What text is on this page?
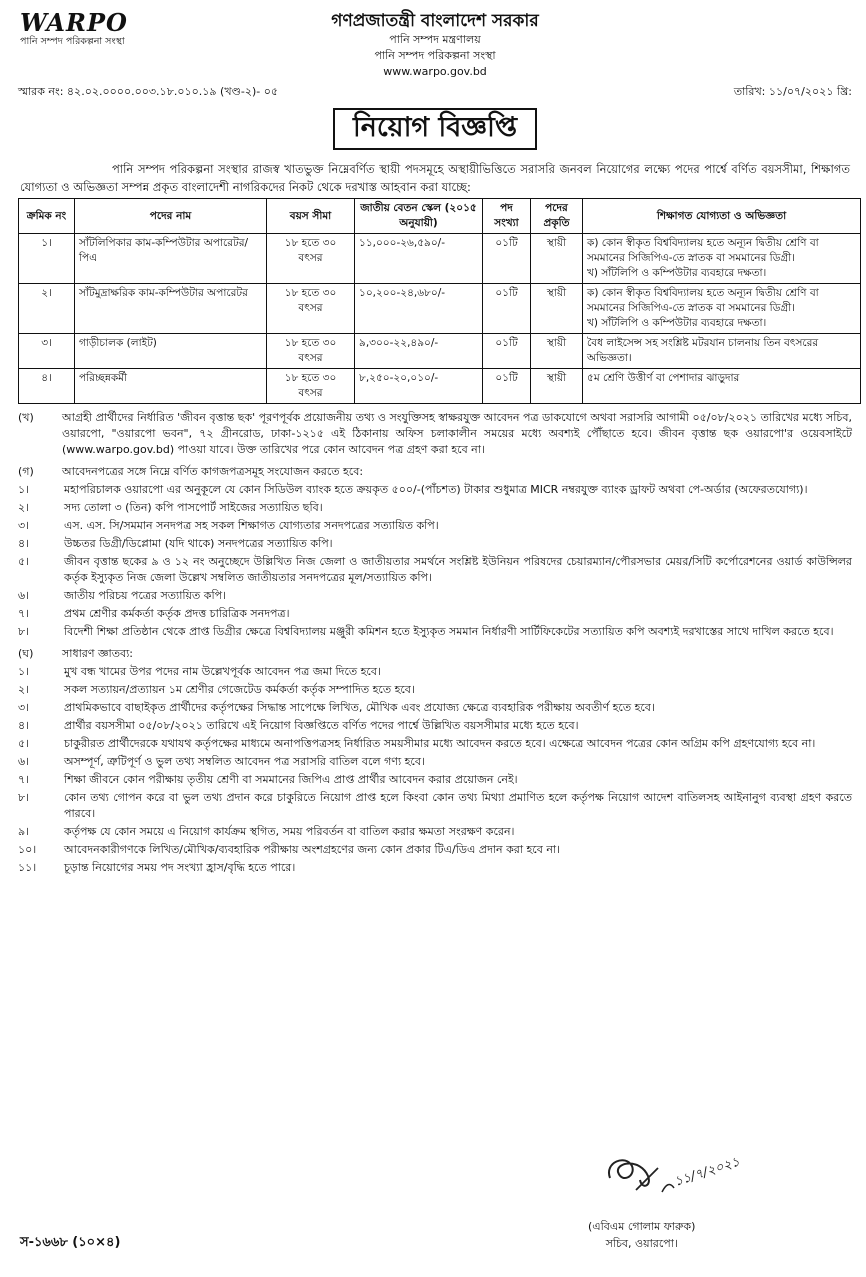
WARPO
পানি সম্পদ পরিকল্পনা সংস্থা
গণপ্রজাতন্ত্রী বাংলাদেশ সরকার
পানি সম্পদ মন্ত্রণালয়
পানি সম্পদ পরিকল্পনা সংস্থা
www.warpo.gov.bd
স্মারক নং: ৪২.০২.০০০০.০০৩.১৮.০১০.১৯ (খণ্ড-২)- ০৫	তারিখ: ১১/০৭/২০২১ খ্রি:
নিয়োগ বিজ্ঞপ্তি

পানি সম্পদ পরিকল্পনা সংস্থার রাজস্ব খাতভুক্ত নিম্নেবর্ণিত স্থায়ী পদসমূহে অস্থায়ীভিত্তিতে সরাসরি জনবল নিয়োগের লক্ষ্যে পদের পার্শ্বে বর্ণিত বয়সসীমা, শিক্ষাগত যোগ্যতা ও অভিজ্ঞতা সম্পন্ন প্রকৃত বাংলাদেশী নাগরিকদের নিকট থেকে দরখাস্ত আহবান করা যাচ্ছে:

ক্রমিক নং	পদের নাম	বয়স সীমা	জাতীয় বেতন স্কেল (২০১৫ অনুযায়ী)	পদ সংখ্যা	পদের প্রকৃতি	শিক্ষাগত যোগ্যতা ও অভিজ্ঞতা
১।	সাঁটলিপিকার কাম-কম্পিউটার অপারেটর/পিএ	১৮ হতে ৩০ বৎসর	১১,০০০-২৬,৫৯০/-	০১টি	স্থায়ী	ক) কোন স্বীকৃত বিশ্ববিদ্যালয় হতে অন্যূন দ্বিতীয় শ্রেণি বা সমমানের সিজিপিএ-তে স্নাতক বা সমমানের ডিগ্রী।
খ) সাঁটলিপি ও কম্পিউটার ব্যবহারে দক্ষতা।

২।	সাঁটমুদ্রাক্ষরিক কাম-কম্পিউটার অপারেটর	১৮ হতে ৩০ বৎসর	১০,২০০-২৪,৬৮০/-	০১টি	স্থায়ী	ক) কোন স্বীকৃত বিশ্ববিদ্যালয় হতে অন্যূন দ্বিতীয় শ্রেণি বা সমমানের সিজিপিএ-তে স্নাতক বা সমমানের ডিগ্রী।
খ) সাঁটলিপি ও কম্পিউটার ব্যবহারে দক্ষতা।

৩।	গাড়ীচালক (লাইট)	১৮ হতে ৩০ বৎসর	৯,৩০০-২২,৪৯০/-	০১টি	স্থায়ী	বৈধ লাইসেন্স সহ সংশ্লিষ্ট মটরযান চালনায় তিন বৎসরের অভিজ্ঞতা।

৪।	পরিচ্ছন্নকর্মী	১৮ হতে ৩০ বৎসর	৮,২৫০-২০,০১০/-	০১টি	স্থায়ী	৫ম শ্রেণি উত্তীর্ণ বা পেশাদার ঝাড়ুদার
(খ)	আগ্রহী প্রার্থীদের নির্ধারিত 'জীবন বৃত্তান্ত ছক' পূরণপূর্বক প্রয়োজনীয় তথ্য ও সংযুক্তিসহ স্বাক্ষরযুক্ত আবেদন পত্র ডাকযোগে অথবা সরাসরি আগামী ০৫/০৮/২০২১ তারিখের মধ্যে সচিব, ওয়ারপো, "ওয়ারপো ভবন", ৭২ গ্রীনরোড, ঢাকা-১২১৫ এই ঠিকানায় অফিস চলাকালীন সময়ের মধ্যে অবশ্যই পৌঁছাতে হবে। জীবন বৃত্তান্ত ছক ওয়ারপো'র ওয়েবসাইটে (www.warpo.gov.bd) পাওয়া যাবে। উক্ত তারিখের পরে কোন আবেদন পত্র গ্রহণ করা হবে না।
(গ)	আবেদনপত্রের সঙ্গে নিম্নে বর্ণিত কাগজপত্রসমূহ সংযোজন করতে হবে:
১।	মহাপরিচালক ওয়ারপো এর অনুকূলে যে কোন সিডিউল ব্যাংক হতে ক্রয়কৃত ৫০০/-(পাঁচশত) টাকার শুধুমাত্র MICR নম্বরযুক্ত ব্যাংক ড্রাফট অথবা পে-অর্ডার (অফেরতযোগ্য)।
২।	সদ্য তোলা ৩ (তিন) কপি পাসপোর্ট সাইজের সত্যায়িত ছবি।
৩।	এস. এস. সি/সমমান সনদপত্র সহ সকল শিক্ষাগত যোগ্যতার সনদপত্রের সত্যায়িত কপি।
৪।	উচ্চতর ডিগ্রী/ডিপ্লোমা (যদি থাকে) সনদপত্রের সত্যায়িত কপি।
৫।	জীবন বৃত্তান্ত ছকের ৯ ও ১২ নং অনুচ্ছেদে উল্লিখিত নিজ জেলা ও জাতীয়তার সমর্থনে সংশ্লিষ্ট ইউনিয়ন পরিষদের চেয়ারম্যান/পৌরসভার মেয়র/সিটি কর্পোরেশনের ওয়ার্ড কাউন্সিলর কর্তৃক ইস্যুকৃত নিজ জেলা উল্লেখ সম্বলিত জাতীয়তার সনদপত্রের মূল/সত্যায়িত কপি।
৬।	জাতীয় পরিচয় পত্রের সত্যায়িত কপি।
৭।	প্রথম শ্রেণীর কর্মকর্তা কর্তৃক প্রদত্ত চারিত্রিক সনদপত্র।
৮।	বিদেশী শিক্ষা প্রতিষ্ঠান থেকে প্রাপ্ত ডিগ্রীর ক্ষেত্রে বিশ্ববিদ্যালয় মঞ্জুরী কমিশন হতে ইস্যুকৃত সমমান নির্ধারণী সার্টিফিকেটের সত্যায়িত কপি অবশ্যই দরখাস্তের সাথে দাখিল করতে হবে।
(ঘ)	সাধারণ জ্ঞাতব্য:
১।	মুখ বন্ধ খামের উপর পদের নাম উল্লেখপূর্বক আবেদন পত্র জমা দিতে হবে।
২।	সকল সত্যায়ন/প্রত্যায়ন ১ম শ্রেণীর গেজেটেড কর্মকর্তা কর্তৃক সম্পাদিত হতে হবে।
৩।	প্রাথমিকভাবে বাছাইকৃত প্রার্থীদের কর্তৃপক্ষের সিদ্ধান্ত সাপেক্ষে লিখিত, মৌখিক এবং প্রযোজ্য ক্ষেত্রে ব্যবহারিক পরীক্ষায় অবতীর্ণ হতে হবে।
৪।	প্রার্থীর বয়সসীমা ০৫/০৮/২০২১ তারিখে এই নিয়োগ বিজ্ঞপ্তিতে বর্ণিত পদের পার্শ্বে উল্লিখিত বয়সসীমার মধ্যে হতে হবে।
৫।	চাকুরীরত প্রার্থীদেরকে যথাযথ কর্তৃপক্ষের মাধ্যমে অনাপত্তিপত্রসহ নির্ধারিত সময়সীমার মধ্যে আবেদন করতে হবে। এক্ষেত্রে আবেদন পত্রের কোন অগ্রিম কপি গ্রহণযোগ্য হবে না।
৬।	অসম্পূর্ণ, ত্রুটিপূর্ণ ও ভুল তথ্য সম্বলিত আবেদন পত্র সরাসরি বাতিল বলে গণ্য হবে।
৭।	শিক্ষা জীবনে কোন পরীক্ষায় তৃতীয় শ্রেণী বা সমমানের জিপিএ প্রাপ্ত প্রার্থীর আবেদন করার প্রয়োজন নেই।
৮।	কোন তথ্য গোপন করে বা ভুল তথ্য প্রদান করে চাকুরিতে নিয়োগ প্রাপ্ত হলে কিংবা কোন তথ্য মিথ্যা প্রমাণিত হলে কর্তৃপক্ষ নিয়োগ আদেশ বাতিলসহ আইনানুগ ব্যবস্থা গ্রহণ করতে পারবে।
৯।	কর্তৃপক্ষ যে কোন সময়ে এ নিয়োগ কার্যক্রম স্থগিত, সময় পরিবর্তন বা বাতিল করার ক্ষমতা সংরক্ষণ করেন।
১০।	আবেদনকারীগণকে লিখিত/মৌখিক/ব্যবহারিক পরীক্ষায় অংশগ্রহণের জন্য কোন প্রকার টিএ/ডিএ প্রদান করা হবে না।
১১।	চূড়ান্ত নিয়োগের সময় পদ সংখ্যা হ্রাস/বৃদ্ধি হতে পারে।
১১/৭/২০২১
(এবিএম গোলাম ফারুক)
সচিব, ওয়ারপো।
স-১৬৬৮ (১০×৪)
